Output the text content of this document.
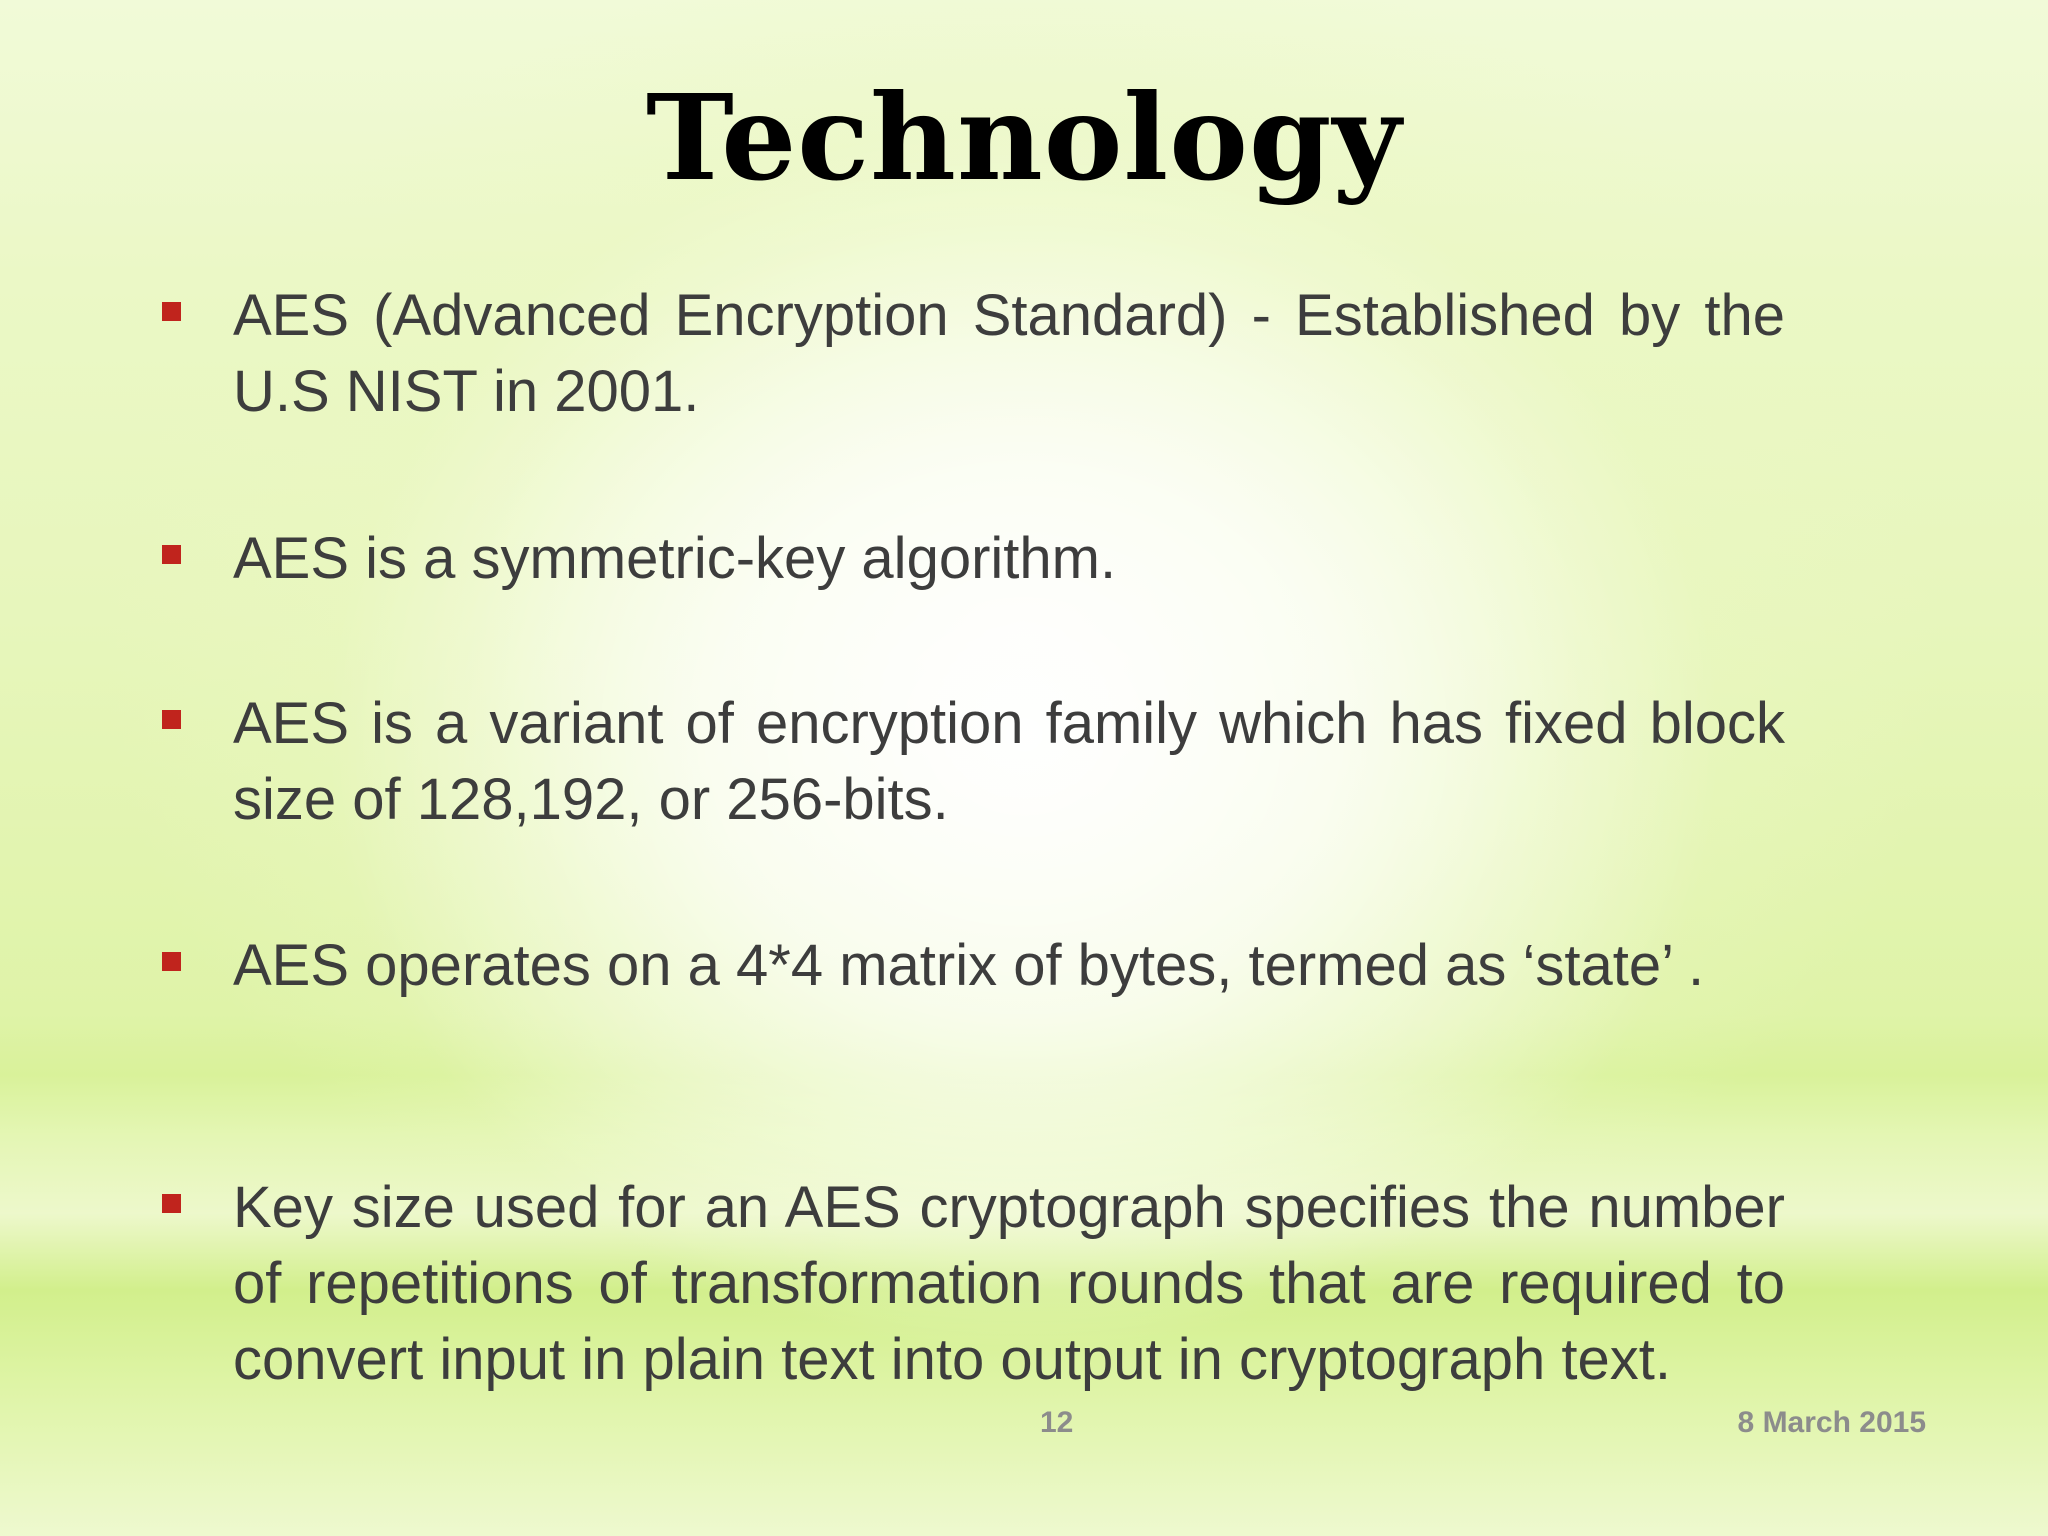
Technology
AES (Advanced Encryption Standard) - Established by the U.S NIST in 2001.
AES is a symmetric-key algorithm.
AES is a variant of encryption family which has fixed block size of 128,192, or 256-bits.
AES operates on a 4*4 matrix of bytes, termed as ‘state’ .
Key size used for an AES cryptograph specifies the number of repetitions of transformation rounds that are required to convert input in plain text into output in cryptograph text.
12	8 March 2015
